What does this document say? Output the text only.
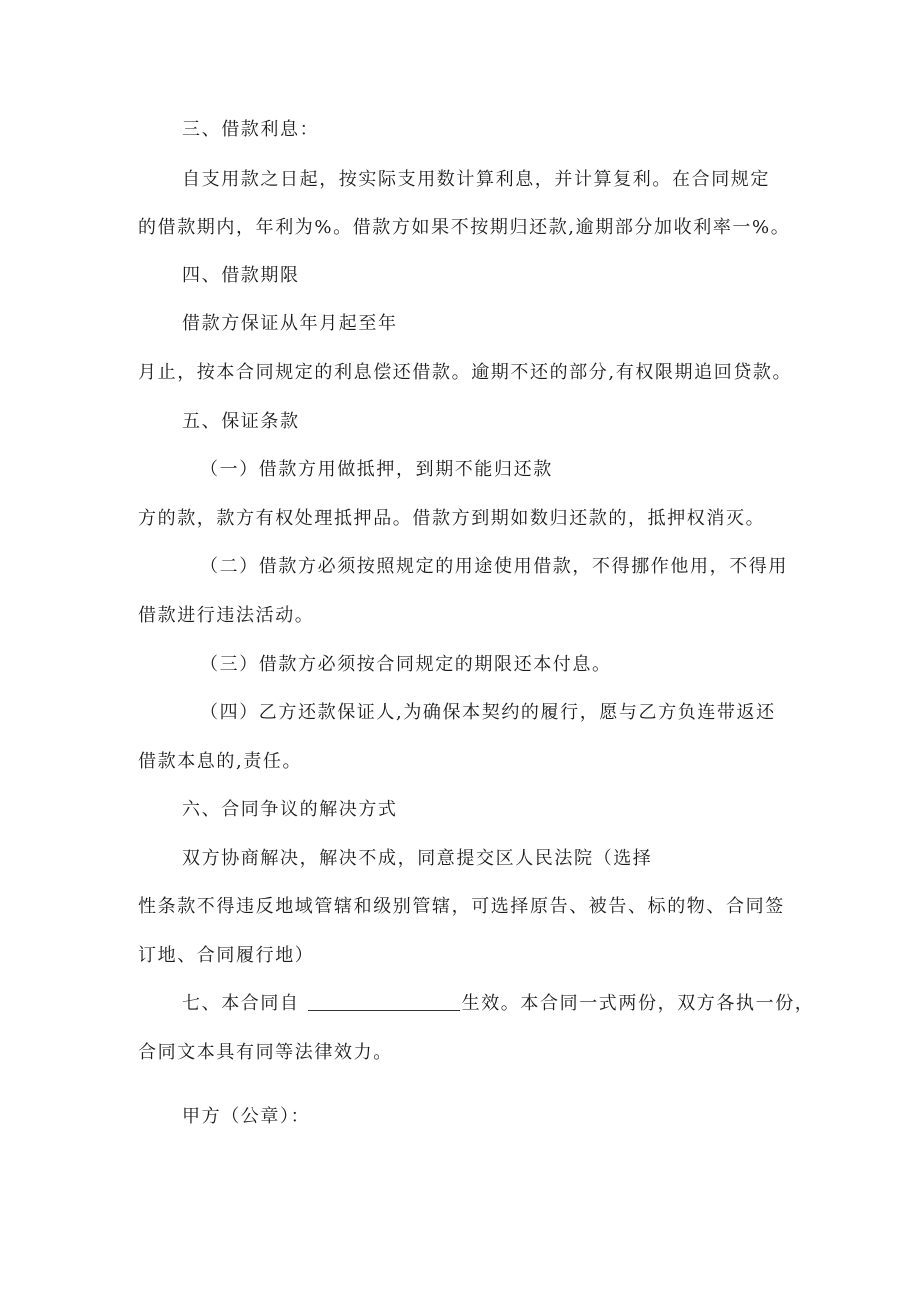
三、借款利息：
自支用款之日起，按实际支用数计算利息，并计算复利。在合同规定
的借款期内，年利为%。借款方如果不按期归还款,逾期部分加收利率一%。
四、借款期限
借款方保证从年月起至年
月止，按本合同规定的利息偿还借款。逾期不还的部分,有权限期追回贷款。
五、保证条款
（一）借款方用做抵押，到期不能归还款
方的款，款方有权处理抵押品。借款方到期如数归还款的，抵押权消灭。
（二）借款方必须按照规定的用途使用借款，不得挪作他用，不得用
借款进行违法活动。
（三）借款方必须按合同规定的期限还本付息。
（四）乙方还款保证人,为确保本契约的履行，愿与乙方负连带返还
借款本息的,责任。
六、合同争议的解决方式
双方协商解决，解决不成，同意提交区人民法院（选择
性条款不得违反地域管辖和级别管辖，可选择原告、被告、标的物、合同签
订地、合同履行地）
七、本合同自	生效。本合同一式两份，双方各执一份，
合同文本具有同等法律效力。
甲方（公章）：
